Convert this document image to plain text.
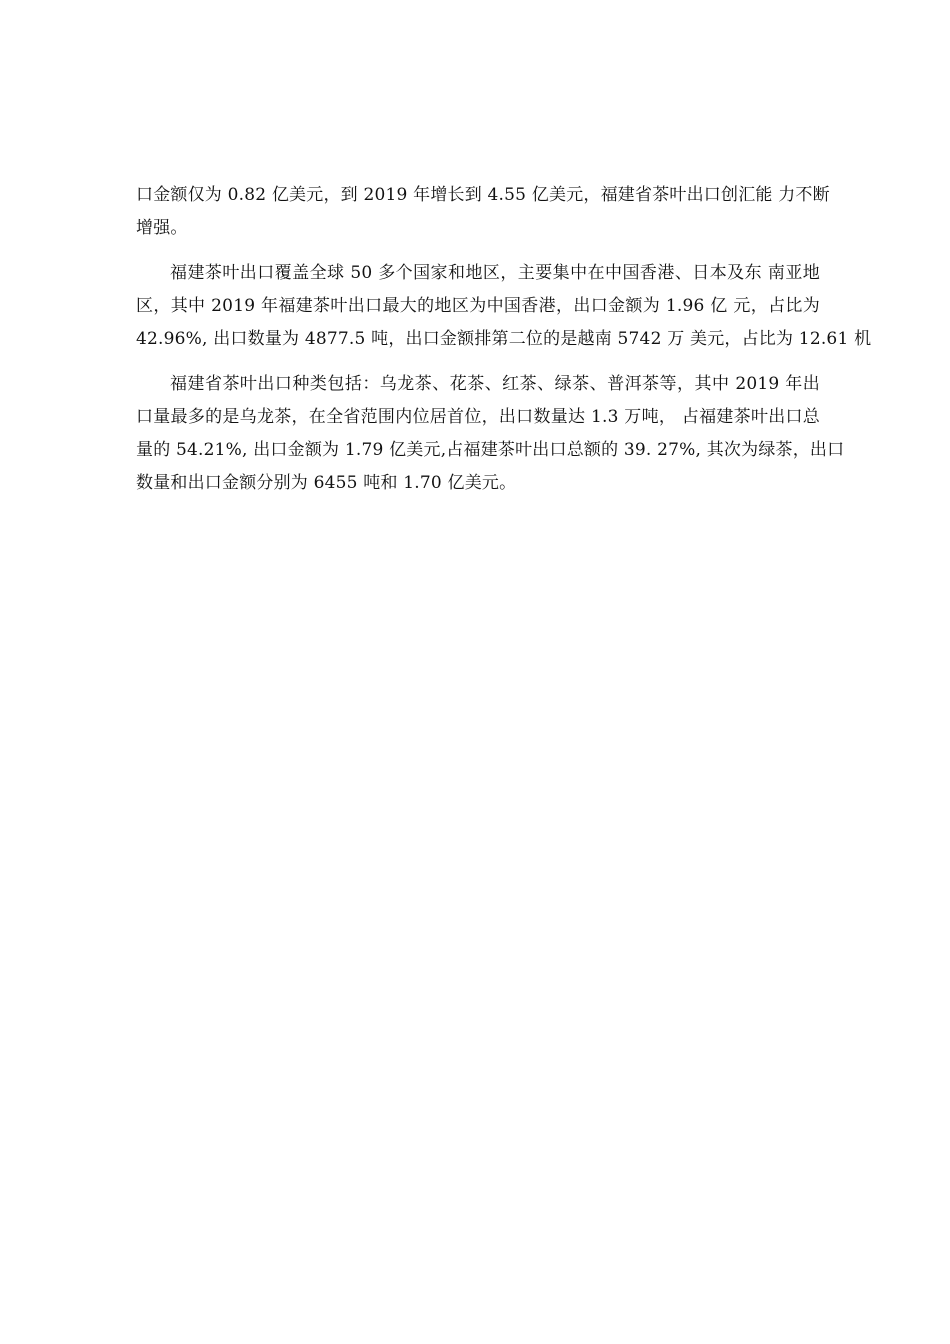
口金额仅为 0.82 亿美元，到 2019 年增长到 4.55 亿美元，福建省茶叶出口创汇能 力不断
增强。
福建茶叶出口覆盖全球 50 多个国家和地区，主要集中在中国香港、日本及东 南亚地
区，其中 2019 年福建茶叶出口最大的地区为中国香港，出口金额为 1.96 亿 元，占比为
42.96%, 出口数量为 4877.5 吨，出口金额排第二位的是越南 5742 万 美元，占比为 12.61 机
福建省茶叶出口种类包括：乌龙茶、花茶、红茶、绿茶、普洱茶等，其中 2019 年出
口量最多的是乌龙茶，在全省范围内位居首位，出口数量达 1.3 万吨， 占福建茶叶出口总
量的 54.21%, 出口金额为 1.79 亿美元,占福建茶叶出口总额的 39. 27%, 其次为绿茶，出口
数量和出口金额分别为 6455 吨和 1.70 亿美元。
